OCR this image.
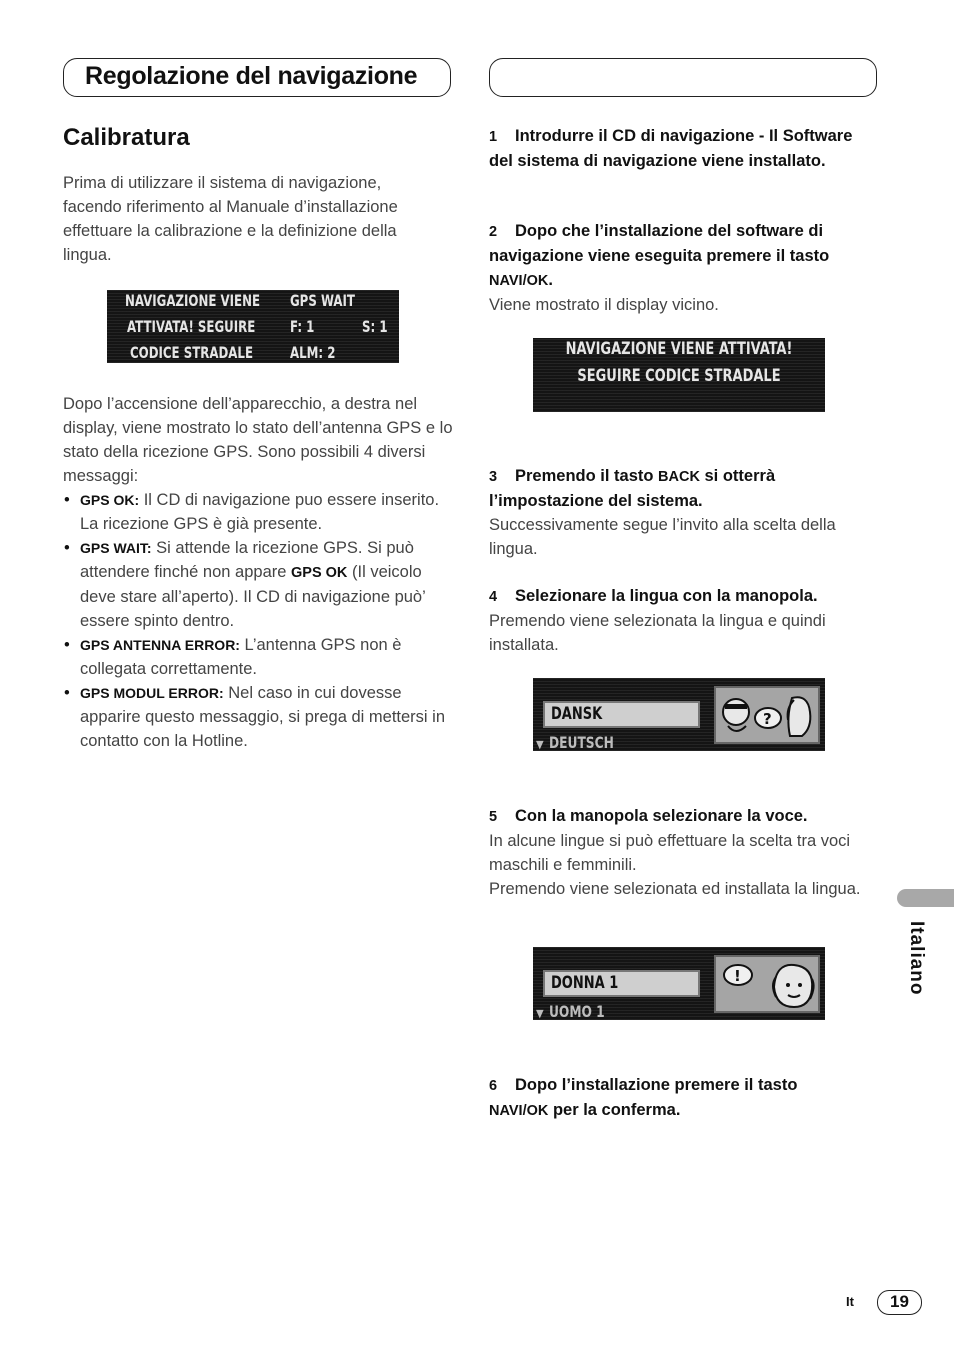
Regolazione del navigazione
Calibratura
Prima di utilizzare il sistema di navigazione, facendo riferimento al Manuale d’installazione effettuare la calibrazione e la definizione della lingua.
NAVIGAZIONE VIENE
ATTIVATA! SEGUIRE
CODICE STRADALE
GPS WAIT
F: 1	S: 1
ALM: 2
Dopo l’accensione dell’apparecchio, a destra nel display, viene mostrato lo stato dell’antenna GPS e lo stato della ricezione GPS. Sono possibili 4 diversi messaggi:
• GPS OK: Il CD di navigazione puo essere inserito. La ricezione GPS è già presente.
• GPS WAIT: Si attende la ricezione GPS. Si può attendere finché non appare GPS OK (Il veicolo deve stare all’aperto). Il CD di navigazione può’ essere spinto dentro.
• GPS ANTENNA ERROR: L’antenna GPS non è collegata correttamente.
• GPS MODUL ERROR: Nel caso in cui dovesse apparire questo messaggio, si prega di mettersi in contatto con la Hotline.
1 Introdurre il CD di navigazione - Il Software del sistema di navigazione viene installato.
2 Dopo che l’installazione del software di navigazione viene eseguita premere il tasto
NAVI/OK.
Viene mostrato il display vicino.
NAVIGAZIONE VIENE ATTIVATA!
SEGUIRE CODICE STRADALE
3 Premendo il tasto BACK si otterrà l’impostazione del sistema.
Successivamente segue l’invito alla scelta della lingua.
4 Selezionare la lingua con la manopola.
Premendo viene selezionata la lingua e quindi installata.
DANSK
▼ DEUTSCH
?
5 Con la manopola selezionare la voce.
In alcune lingue si può effettuare la scelta tra voci maschili e femminili.
Premendo viene selezionata ed installata la lingua.
DONNA 1
▼ UOMO 1
!
6 Dopo l’installazione premere il tasto
NAVI/OK per la conferma.
Italiano
It	19
